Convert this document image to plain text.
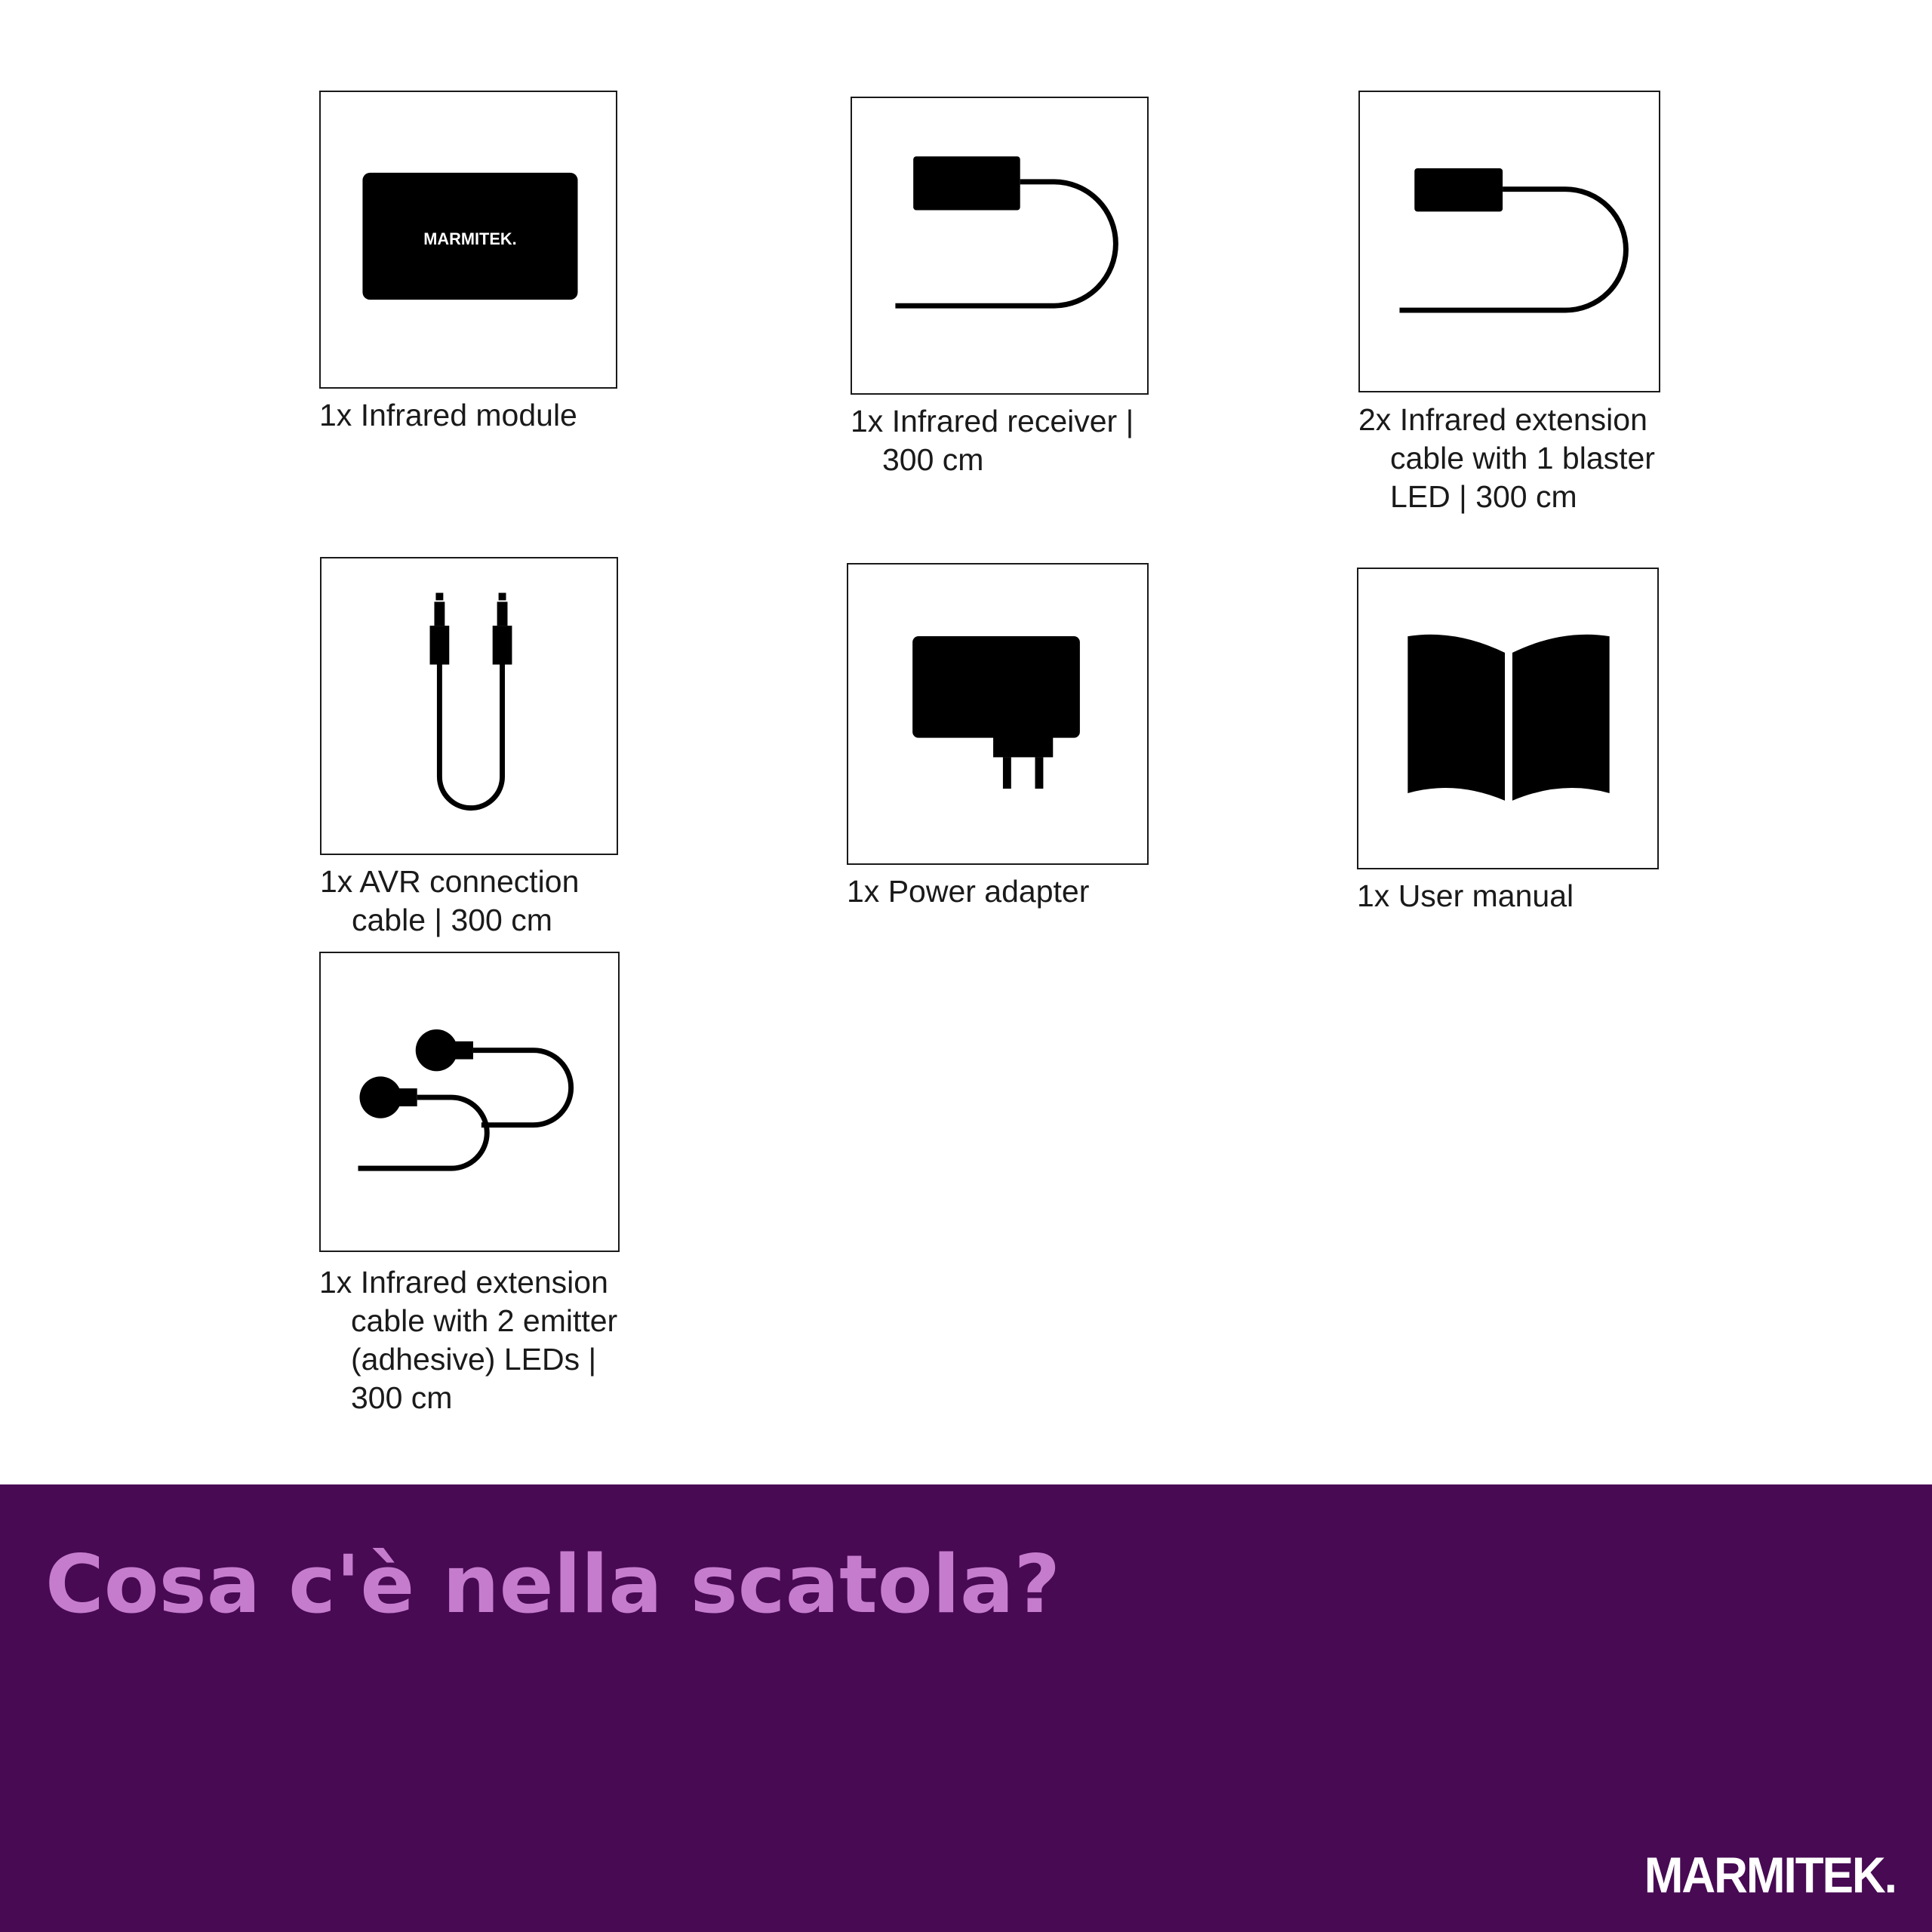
MARMITEK.

1x Infrared module	1x Infrared receiver | 300 cm

2x Infrared extension cable with 1 blaster LED | 300 cm

1x AVR connection cable | 300 cm

1x Power adapter	1x User manual

1x Infrared extension cable with 2 emitter (adhesive) LEDs | 300 cm

Cosa c'è nella scatola?
MARMITEK.
